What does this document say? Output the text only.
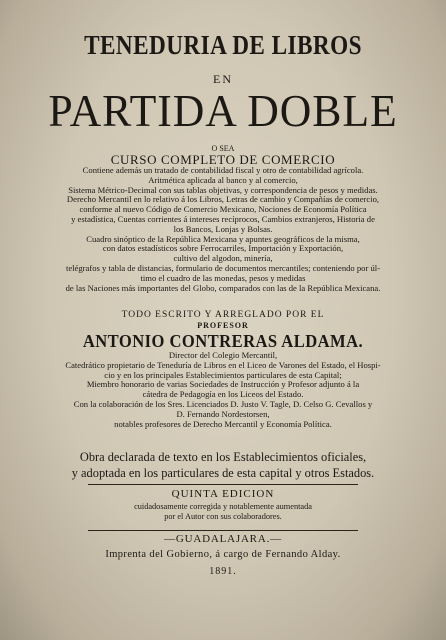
TENEDURIA DE LIBROS
EN
PARTIDA DOBLE
O SEA
CURSO COMPLETO DE COMERCIO
Contiene además un tratado de contabilidad fiscal y otro de contabilidad agrícola.
Aritmética aplicada al banco y al comercio,
Sistema Métrico-Decimal con sus tablas objetivas, y correspondencia de pesos y medidas.
Derecho Mercantil en lo relativo á los Libros, Letras de cambio y Compañías de comercio,
conforme al nuevo Código de Comercio Mexicano, Nociones de Economía Política
y estadística, Cuentas corrientes á intereses recíprocos, Cambios extranjeros, Historia de
los Bancos, Lonjas y Bolsas.
Cuadro sinóptico de la República Mexicana y apuntes geográficos de la misma,
con datos estadísticos sobre Ferrocarriles, Importación y Exportación,
cultivo del algodon, minería,
telégrafos y tabla de distancias, formulario de documentos mercantiles; conteniendo por úl-
timo el cuadro de las monedas, pesos y medidas
de las Naciones más importantes del Globo, comparados con las de la República Mexicana.
TODO ESCRITO Y ARREGLADO POR EL
PROFESOR
ANTONIO CONTRERAS ALDAMA.
Director del Colegio Mercantil,
Catedrático propietario de Teneduría de Libros en el Liceo de Varones del Estado, el Hospi-
cio y en los principales Establecimientos particulares de esta Capital;
Miembro honorario de varias Sociedades de Instrucción y Profesor adjunto á la
cátedra de Pedagogía en los Liceos del Estado.
Con la colaboración de los Sres. Licenciados D. Justo V. Tagle, D. Celso G. Cevallos y
D. Fernando Nordestorsen,
notables profesores de Derecho Mercantil y Economía Política.
Obra declarada de texto en los Establecimientos oficiales,
y adoptada en los particulares de esta capital y otros Estados.
QUINTA EDICION
cuidadosamente corregida y notablemente aumentada
por el Autor con sus colaboradores.
—GUADALAJARA.—
Imprenta del Gobierno, á cargo de Fernando Alday.
1891.
